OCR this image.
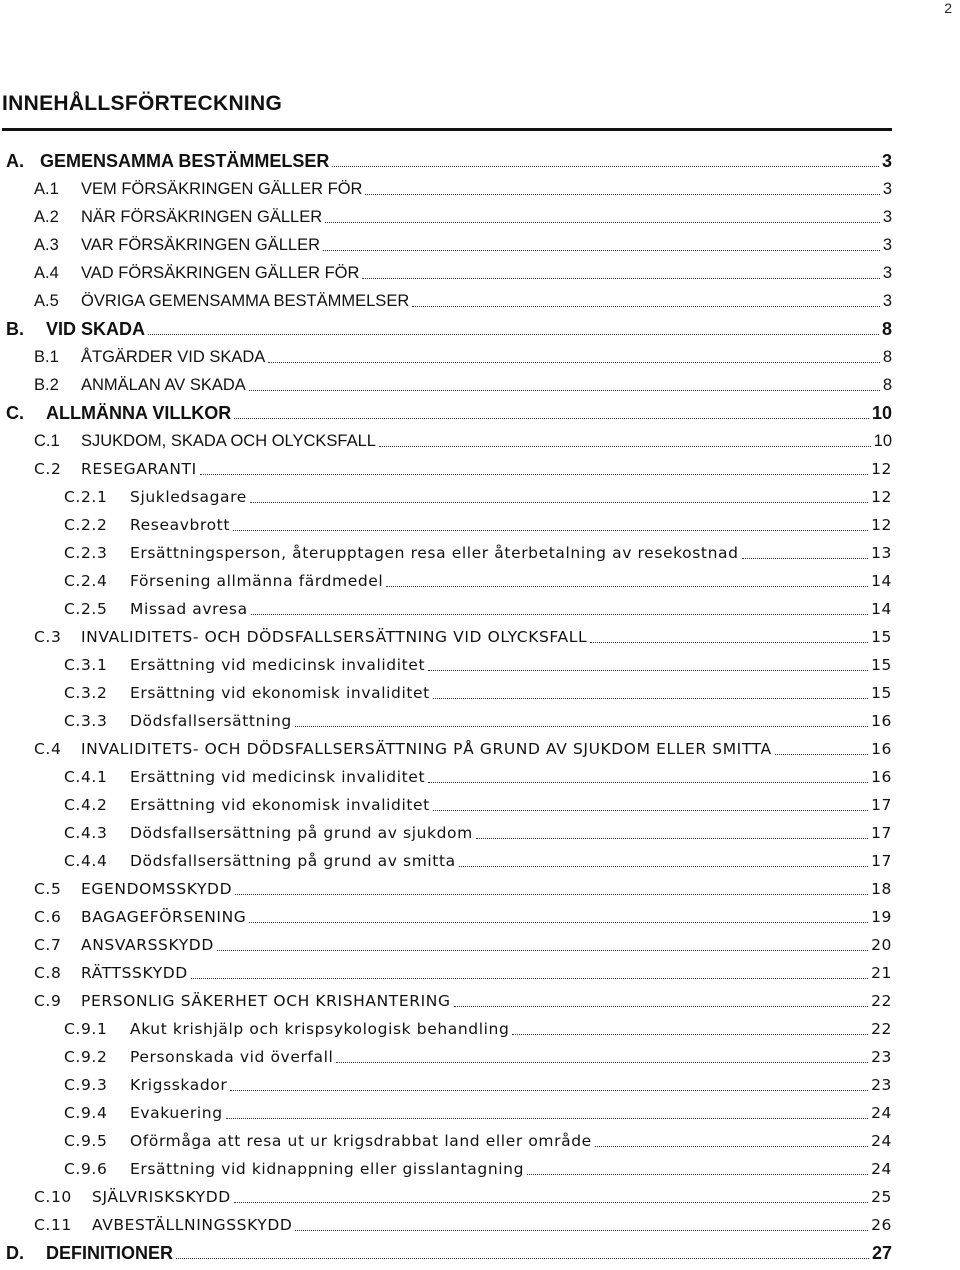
2
INNEHÅLLSFÖRTECKNING
A. GEMENSAMMA BESTÄMMELSER	3
A.1	VEM FÖRSÄKRINGEN GÄLLER FÖR	3
A.2	NÄR FÖRSÄKRINGEN GÄLLER	3
A.3	VAR FÖRSÄKRINGEN GÄLLER	3
A.4	VAD FÖRSÄKRINGEN GÄLLER FÖR	3
A.5	ÖVRIGA GEMENSAMMA BESTÄMMELSER	3
B.	VID SKADA	8
B.1	ÅTGÄRDER VID SKADA	8
B.2	ANMÄLAN AV SKADA	8
C.	ALLMÄNNA VILLKOR	10
C.1	SJUKDOM, SKADA OCH OLYCKSFALL	10
C.2	RESEGARANTI	12
C.2.1	Sjukledsagare	12
C.2.2	Reseavbrott	12
C.2.3	Ersättningsperson, återupptagen resa eller återbetalning av resekostnad	13
C.2.4	Försening allmänna färdmedel	14
C.2.5	Missad avresa	14
C.3	INVALIDITETS- OCH DÖDSFALLSERSÄTTNING VID OLYCKSFALL	15
C.3.1	Ersättning vid medicinsk invaliditet	15
C.3.2	Ersättning vid ekonomisk invaliditet	15
C.3.3	Dödsfallsersättning	16
C.4	INVALIDITETS- OCH DÖDSFALLSERSÄTTNING PÅ GRUND AV SJUKDOM ELLER SMITTA	16
C.4.1	Ersättning vid medicinsk invaliditet	16
C.4.2	Ersättning vid ekonomisk invaliditet	17
C.4.3	Dödsfallsersättning på grund av sjukdom	17
C.4.4	Dödsfallsersättning på grund av smitta	17
C.5	EGENDOMSSKYDD	18
C.6	BAGAGEFÖRSENING	19
C.7	ANSVARSSKYDD	20
C.8	RÄTTSSKYDD	21
C.9	PERSONLIG SÄKERHET OCH KRISHANTERING	22
C.9.1	Akut krishjälp och krispsykologisk behandling	22
C.9.2	Personskada vid överfall	23
C.9.3	Krigsskador	23
C.9.4	Evakuering	24
C.9.5	Oförmåga att resa ut ur krigsdrabbat land eller område	24
C.9.6	Ersättning vid kidnappning eller gisslantagning	24
C.10	SJÄLVRISKSKYDD	25
C.11	AVBESTÄLLNINGSSKYDD	26
D.	DEFINITIONER	27
